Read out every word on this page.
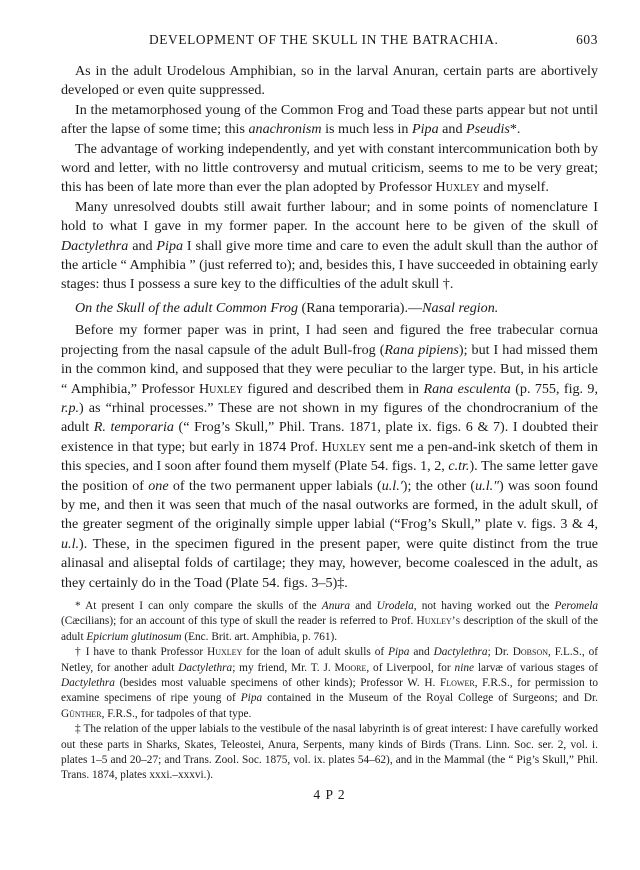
DEVELOPMENT OF THE SKULL IN THE BATRACHIA.	603

As in the adult Urodelous Amphibian, so in the larval Anuran, certain parts are abortively developed or even quite suppressed.

In the metamorphosed young of the Common Frog and Toad these parts appear but not until after the lapse of some time; this anachronism is much less in Pipa and Pseudis*.

The advantage of working independently, and yet with constant intercommunication both by word and letter, with no little controversy and mutual criticism, seems to me to be very great; this has been of late more than ever the plan adopted by Professor Huxley and myself.

Many unresolved doubts still await further labour; and in some points of nomenclature I hold to what I gave in my former paper. In the account here to be given of the skull of Dactylethra and Pipa I shall give more time and care to even the adult skull than the author of the article “ Amphibia ” (just referred to); and, besides this, I have succeeded in obtaining early stages: thus I possess a sure key to the difficulties of the adult skull †.

On the Skull of the adult Common Frog (Rana temporaria).—Nasal region.

Before my former paper was in print, I had seen and figured the free trabecular cornua projecting from the nasal capsule of the adult Bull-frog (Rana pipiens); but I had missed them in the common kind, and supposed that they were peculiar to the larger type. But, in his article “ Amphibia,” Professor Huxley figured and described them in Rana esculenta (p. 755, fig. 9, r.p.) as “rhinal processes.” These are not shown in my figures of the chondrocranium of the adult R. temporaria (“ Frog’s Skull,” Phil. Trans. 1871, plate ix. figs. 6 & 7). I doubted their existence in that type; but early in 1874 Prof. Huxley sent me a pen-and-ink sketch of them in this species, and I soon after found them myself (Plate 54. figs. 1, 2, c.tr.). The same letter gave the position of one of the two permanent upper labials (u.l.′); the other (u.l.″) was soon found by me, and then it was seen that much of the nasal outworks are formed, in the adult skull, of the greater segment of the originally simple upper labial (“Frog’s Skull,” plate v. figs. 3 & 4, u.l.). These, in the specimen figured in the present paper, were quite distinct from the true alinasal and aliseptal folds of cartilage; they may, however, become coalesced in the adult, as they certainly do in the Toad (Plate 54. figs. 3–5)‡.

* At present I can only compare the skulls of the Anura and Urodela, not having worked out the Peromela (Cæcilians); for an account of this type of skull the reader is referred to Prof. Huxley’s description of the skull of the adult Epicrium glutinosum (Enc. Brit. art. Amphibia, p. 761).

† I have to thank Professor Huxley for the loan of adult skulls of Pipa and Dactylethra; Dr. Dobson, F.L.S., of Netley, for another adult Dactylethra; my friend, Mr. T. J. Moore, of Liverpool, for nine larvæ of various stages of Dactylethra (besides most valuable specimens of other kinds); Professor W. H. Flower, F.R.S., for permission to examine specimens of ripe young of Pipa contained in the Museum of the Royal College of Surgeons; and Dr. Günther, F.R.S., for tadpoles of that type.

‡ The relation of the upper labials to the vestibule of the nasal labyrinth is of great interest: I have carefully worked out these parts in Sharks, Skates, Teleostei, Anura, Serpents, many kinds of Birds (Trans. Linn. Soc. ser. 2, vol. i. plates 1–5 and 20–27; and Trans. Zool. Soc. 1875, vol. ix. plates 54–62), and in the Mammal (the “ Pig’s Skull,” Phil. Trans. 1874, plates xxxi.–xxxvi.).

4 P 2
